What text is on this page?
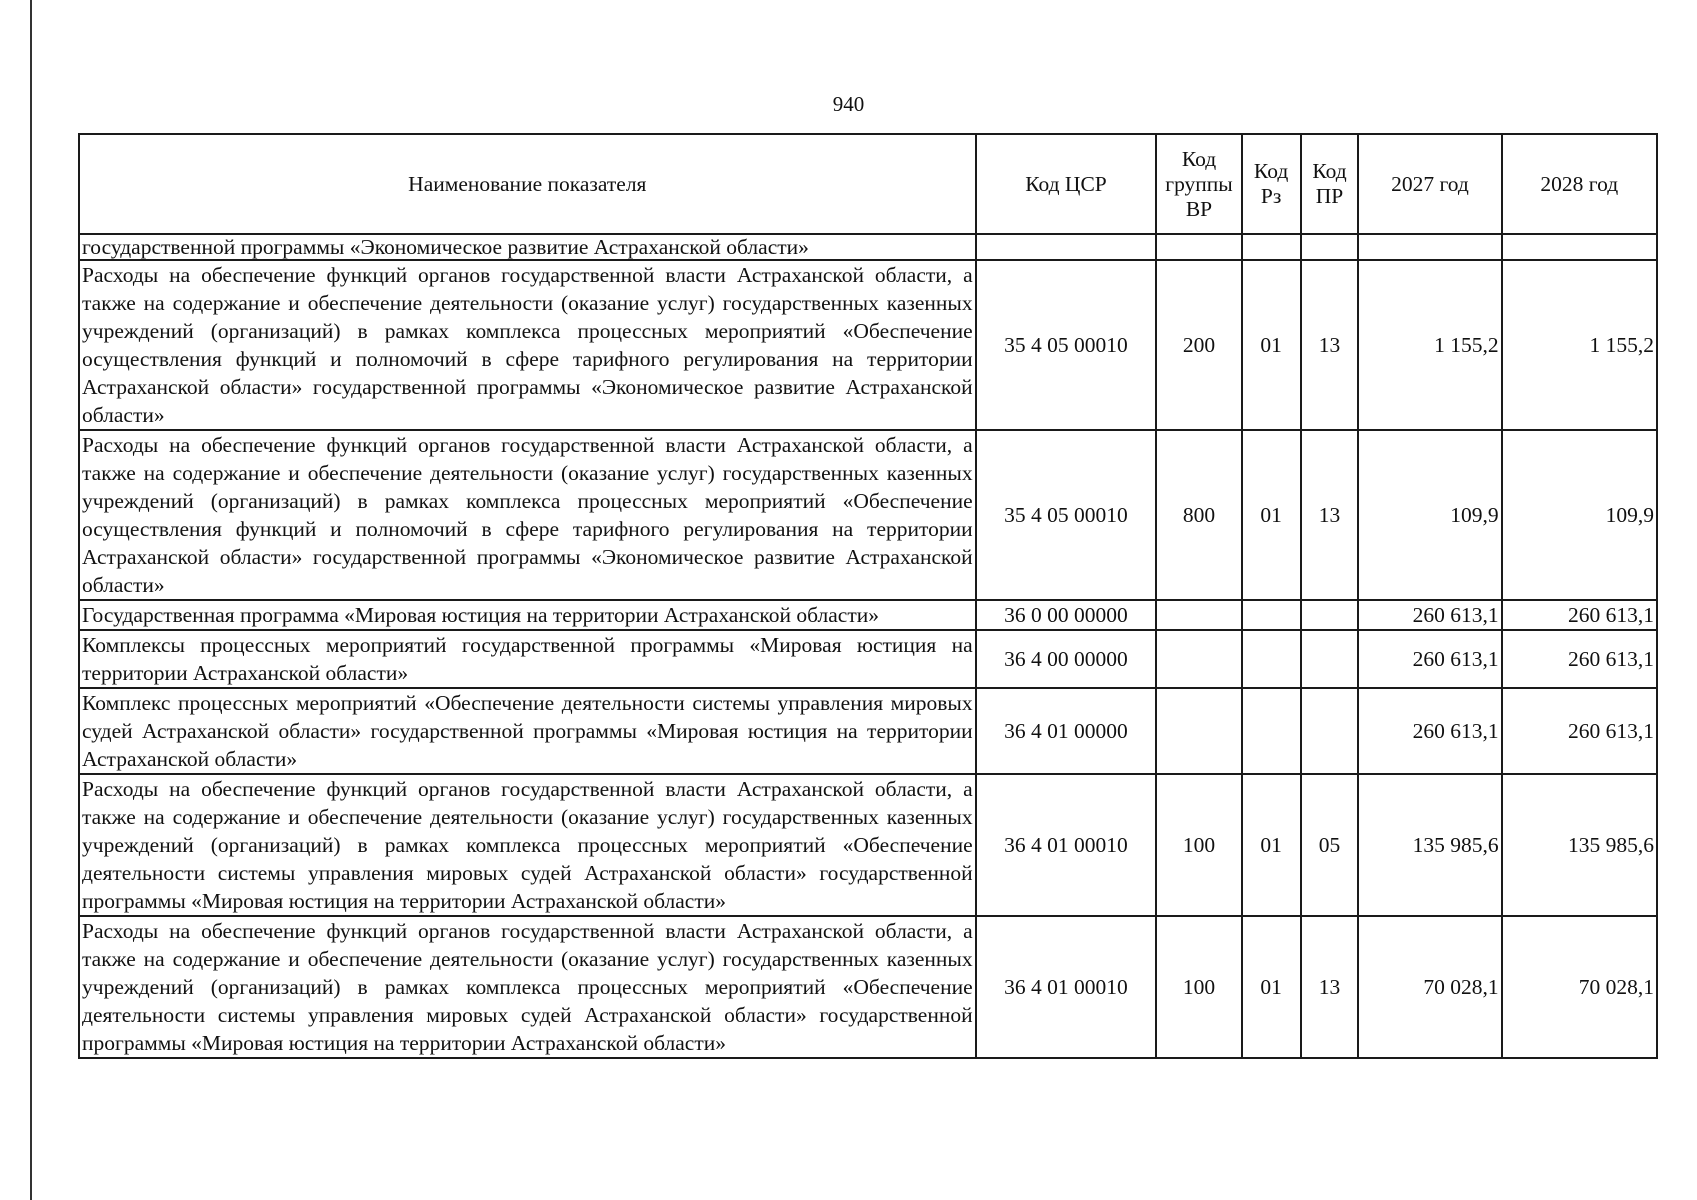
940
Наименование показателя	Код ЦСР	Код группы ВР	Код Рз	Код ПР	2027 год	2028 год
государственной программы «Экономическое развитие Астраханской области»						
Расходы на обеспечение функций органов государственной власти Астраханской области, а также на содержание и обеспечение деятельности (оказание услуг) государственных казенных учреждений (организаций) в рамках комплекса процессных мероприятий «Обеспечение осуществления функций и полномочий в сфере тарифного регулирования на территории Астраханской области» государственной программы «Экономическое развитие Астраханской области»	35 4 05 00010	200	01	13	1 155,2	1 155,2
Расходы на обеспечение функций органов государственной власти Астраханской области, а также на содержание и обеспечение деятельности (оказание услуг) государственных казенных учреждений (организаций) в рамках комплекса процессных мероприятий «Обеспечение осуществления функций и полномочий в сфере тарифного регулирования на территории Астраханской области» государственной программы «Экономическое развитие Астраханской области»	35 4 05 00010	800	01	13	109,9	109,9
Государственная программа «Мировая юстиция на территории Астраханской области»	36 0 00 00000				260 613,1	260 613,1
Комплексы процессных мероприятий государственной программы «Мировая юстиция на территории Астраханской области»	36 4 00 00000				260 613,1	260 613,1
Комплекс процессных мероприятий «Обеспечение деятельности системы управления мировых судей Астраханской области» государственной программы «Мировая юстиция на территории Астраханской области»	36 4 01 00000				260 613,1	260 613,1
Расходы на обеспечение функций органов государственной власти Астраханской области, а также на содержание и обеспечение деятельности (оказание услуг) государственных казенных учреждений (организаций) в рамках комплекса процессных мероприятий «Обеспечение деятельности системы управления мировых судей Астраханской области» государственной программы «Мировая юстиция на территории Астраханской области»	36 4 01 00010	100	01	05	135 985,6	135 985,6
Расходы на обеспечение функций органов государственной власти Астраханской области, а также на содержание и обеспечение деятельности (оказание услуг) государственных казенных учреждений (организаций) в рамках комплекса процессных мероприятий «Обеспечение деятельности системы управления мировых судей Астраханской области» государственной программы «Мировая юстиция на территории Астраханской области»	36 4 01 00010	100	01	13	70 028,1	70 028,1
